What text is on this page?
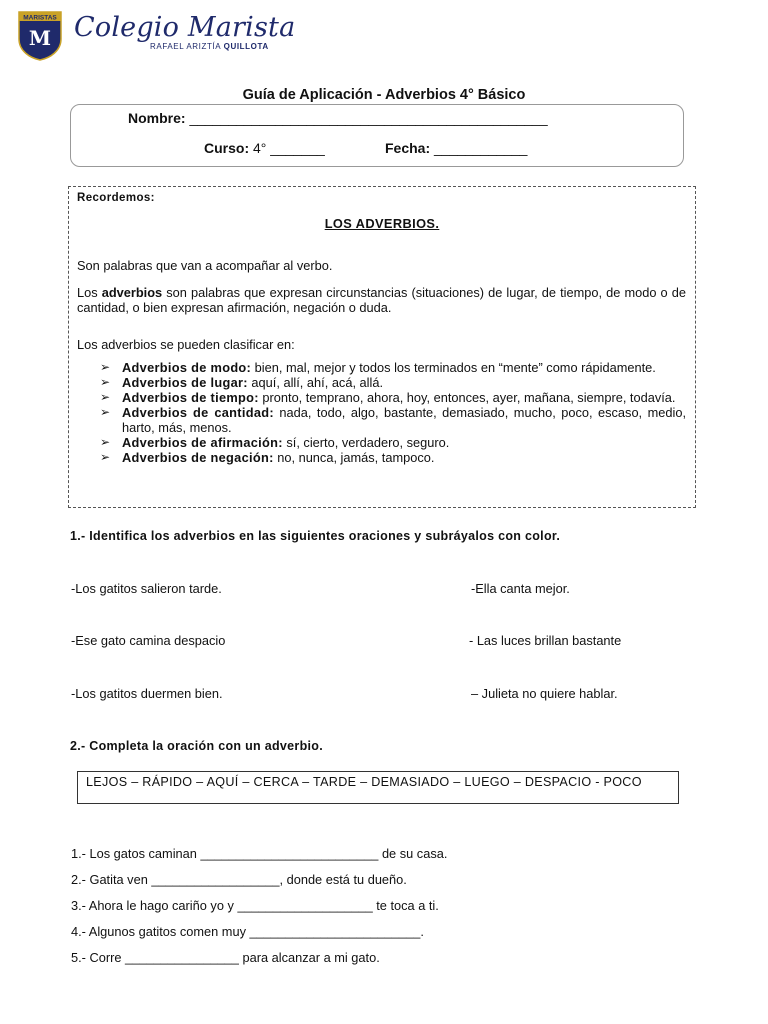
MARISTAS
M Colegio Marista
RAFAEL ARIZTÍA QUILLOTA
Guía de Aplicación - Adverbios 4° Básico
Nombre: ______________________________________________
Curso: 4° _______	Fecha: ____________
Recordemos:
LOS ADVERBIOS.
Son palabras que van a acompañar al verbo.
Los adverbios son palabras que expresan circunstancias (situaciones) de lugar, de tiempo, de modo o de cantidad, o bien expresan afirmación, negación o duda.
Los adverbios se pueden clasificar en:
➢ Adverbios de modo: bien, mal, mejor y todos los terminados en “mente” como rápidamente.
➢ Adverbios de lugar: aquí, allí, ahí, acá, allá.
➢ Adverbios de tiempo: pronto, temprano, ahora, hoy, entonces, ayer, mañana, siempre, todavía.
➢ Adverbios de cantidad: nada, todo, algo, bastante, demasiado, mucho, poco, escaso, medio, harto, más, menos.
➢ Adverbios de afirmación: sí, cierto, verdadero, seguro.
➢ Adverbios de negación: no, nunca, jamás, tampoco.
1.- Identifica los adverbios en las siguientes oraciones y subráyalos con color.
-Los gatitos salieron tarde.
-Ese gato camina despacio
-Los gatitos duermen bien.
-Ella canta mejor.
- Las luces brillan bastante
– Julieta no quiere hablar.
2.- Completa la oración con un adverbio.
LEJOS – RÁPIDO – AQUÍ – CERCA – TARDE – DEMASIADO – LUEGO – DESPACIO - POCO
1.- Los gatos caminan _________________________ de su casa.
2.- Gatita ven __________________, donde está tu dueño.
3.- Ahora le hago cariño yo y ___________________ te toca a ti.
4.- Algunos gatitos comen muy ________________________.
5.- Corre ________________ para alcanzar a mi gato.
